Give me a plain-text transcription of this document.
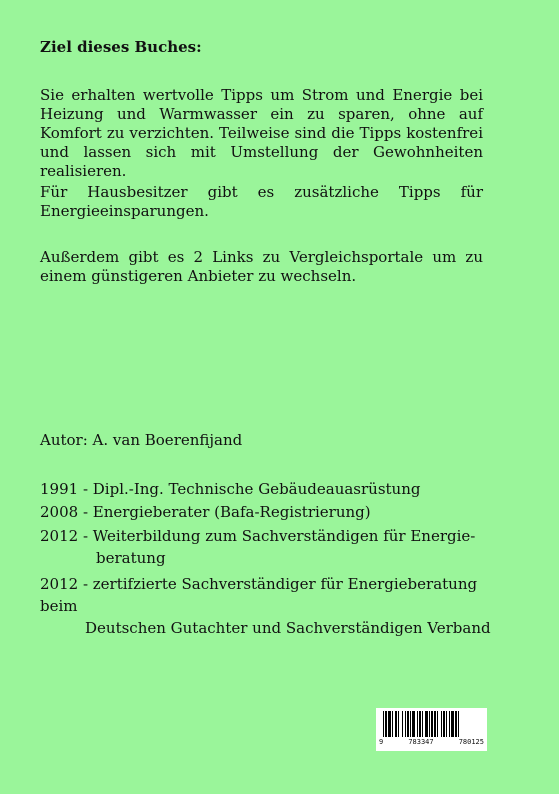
Ziel dieses Buches:
Sie erhalten wertvolle Tipps um Strom und Energie bei Heizung und Warmwasser ein zu sparen, ohne auf Komfort zu verzichten. Teilweise sind die Tipps kostenfrei und lassen sich mit Umstellung der Gewohnheiten realisieren.
Für Hausbesitzer gibt es zusätzliche Tipps für Energieeinsparungen.
Außerdem gibt es 2 Links zu Vergleichsportale um zu einem günstigeren Anbieter zu wechseln.
Autor: A. van Boerenfijand
1991 - Dipl.-Ing. Technische Gebäudeauasrüstung
2008 - Energieberater (Bafa-Registrierung)
2012 - Weiterbildung zum Sachverständigen für Energie-
beratung
2012 - zertifzierte Sachverständiger für Energieberatung beim
Deutschen Gutachter und Sachverständigen Verband
9	783347	780125
